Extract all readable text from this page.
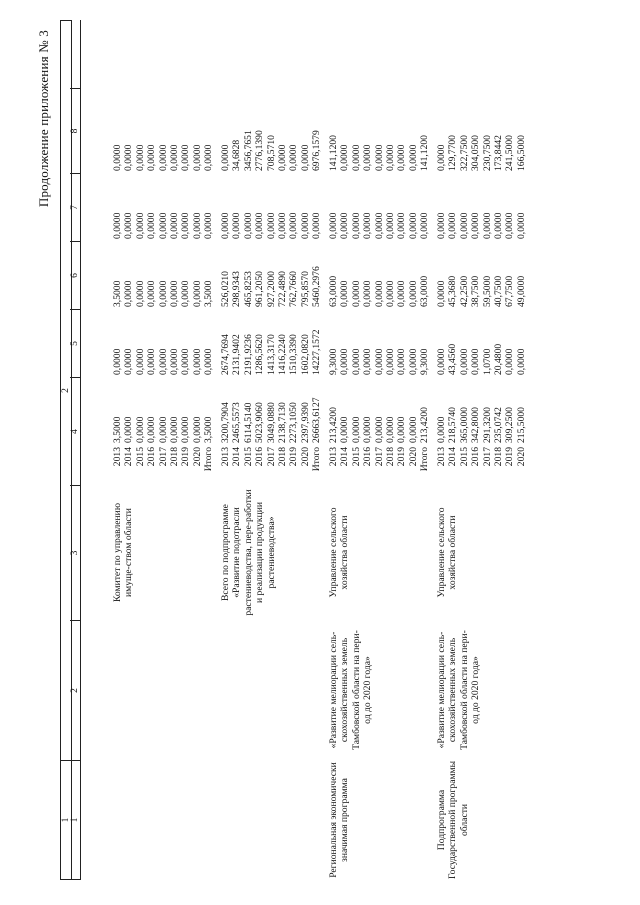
Продолжение приложения № 3
1
2
1
2
3
4
5
6
7
8
Комитет по управлению имуще-ством области
2013 2014 2015 2016 2017 2018 2019 2020 Итого
3,5000 0,0000 0,0000 0,0000 0,0000 0,0000 0,0000 0,0000 3,5000
0,0000 0,0000 0,0000 0,0000 0,0000 0,0000 0,0000 0,0000 0,0000
3,5000 0,0000 0,0000 0,0000 0,0000 0,0000 0,0000 0,0000 3,5000
0,0000 0,0000 0,0000 0,0000 0,0000 0,0000 0,0000 0,0000 0,0000
0,0000 0,0000 0,0000 0,0000 0,0000 0,0000 0,0000 0,0000 0,0000
Всего по подпрограмме «Развитие подотрасли растениеводства, пере-работки и реализации продукции растениеводства»
2013 2014 2015 2016 2017 2018 2019 2020 Итого
3200,7904 2465,5573 6114,5140 5023,9060 3049,0880 2138,7130 2273,1050 2397,9390 26663,6127
2674,7694 2131,9402 2191,9236 1286,5620 1413,3170 1416,2240 1510,3390 1602,0820 14227,1572
526,0210 298,9343 465,8253 961,2050 927,2000 722,4890 762,7660 795,8570 5460,2976
0,0000 0,0000 0,0000 0,0000 0,0000 0,0000 0,0000 0,0000 0,0000
0,0000 34,6828 3456,7651 2776,1390 708,5710 0,0000 0,0000 0,0000 6976,1579
Региональная экономически значимая программа
«Развитие мелиорации сель-скохозяйственных земель Тамбовской области на пери-од до 2020 года»
Управление сельского хозяйства области
2013 2014 2015 2016 2017 2018 2019 2020 Итого
213,4200 0,0000 0,0000 0,0000 0,0000 0,0000 0,0000 0,0000 213,4200
9,3000 0,0000 0,0000 0,0000 0,0000 0,0000 0,0000 0,0000 9,3000
63,0000 0,0000 0,0000 0,0000 0,0000 0,0000 0,0000 0,0000 63,0000
0,0000 0,0000 0,0000 0,0000 0,0000 0,0000 0,0000 0,0000 0,0000
141,1200 0,0000 0,0000 0,0000 0,0000 0,0000 0,0000 0,0000 141,1200
Подпрограмма Государственной программы области
«Развитие мелиорации сель-скохозяйственных земель Тамбовской области на пери-од до 2020 года»
Управление сельского хозяйства области
2013 2014 2015 2016 2017 2018 2019 2020
0,0000 218,5740 365,0000 342,8000 291,3200 235,0742 309,2500 215,5000
0,0000 43,4560 0,0000 0,0000 1,0700 20,4800 0,0000 0,0000
0,0000 45,3680 42,2500 38,7500 59,5000 40,7500 67,7500 49,0000
0,0000 0,0000 0,0000 0,0000 0,0000 0,0000 0,0000 0,0000
0,0000 129,7700 322,7500 304,0500 230,7500 173,8442 241,5000 166,5000
